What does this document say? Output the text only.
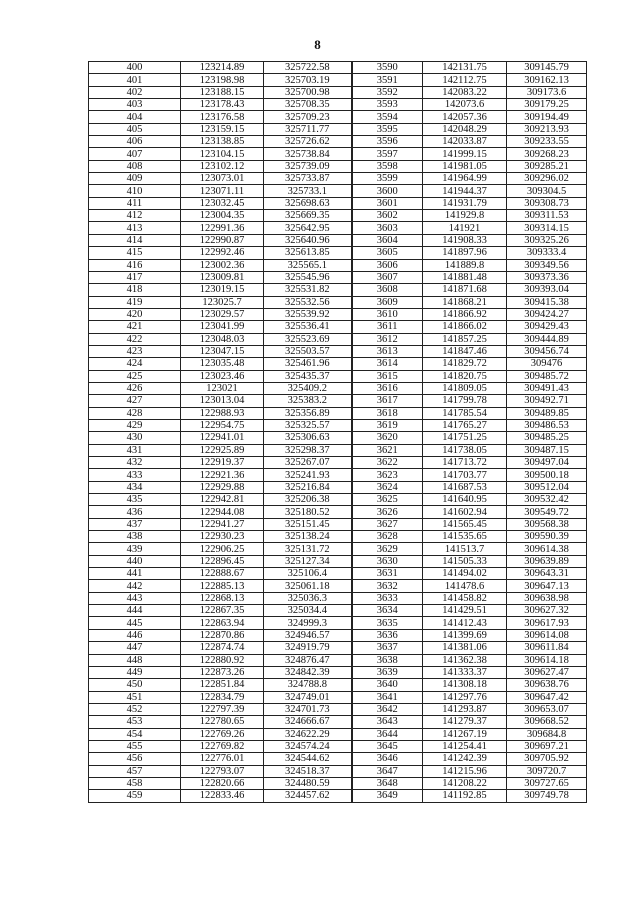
8
400	123214.89	325722.58	3590	142131.75	309145.79
401	123198.98	325703.19	3591	142112.75	309162.13
402	123188.15	325700.98	3592	142083.22	309173.6
403	123178.43	325708.35	3593	142073.6	309179.25
404	123176.58	325709.23	3594	142057.36	309194.49
405	123159.15	325711.77	3595	142048.29	309213.93
406	123138.85	325726.62	3596	142033.87	309233.55
407	123104.15	325738.84	3597	141999.15	309268.23
408	123102.12	325739.09	3598	141981.05	309285.21
409	123073.01	325733.87	3599	141964.99	309296.02
410	123071.11	325733.1	3600	141944.37	309304.5
411	123032.45	325698.63	3601	141931.79	309308.73
412	123004.35	325669.35	3602	141929.8	309311.53
413	122991.36	325642.95	3603	141921	309314.15
414	122990.87	325640.96	3604	141908.33	309325.26
415	122992.46	325613.85	3605	141897.96	309333.4
416	123002.36	325565.1	3606	141889.8	309349.56
417	123009.81	325545.96	3607	141881.48	309373.36
418	123019.15	325531.82	3608	141871.68	309393.04
419	123025.7	325532.56	3609	141868.21	309415.38
420	123029.57	325539.92	3610	141866.92	309424.27
421	123041.99	325536.41	3611	141866.02	309429.43
422	123048.03	325523.69	3612	141857.25	309444.89
423	123047.15	325503.57	3613	141847.46	309456.74
424	123035.48	325461.96	3614	141829.72	309476
425	123023.46	325435.37	3615	141820.75	309485.72
426	123021	325409.2	3616	141809.05	309491.43
427	123013.04	325383.2	3617	141799.78	309492.71
428	122988.93	325356.89	3618	141785.54	309489.85
429	122954.75	325325.57	3619	141765.27	309486.53
430	122941.01	325306.63	3620	141751.25	309485.25
431	122925.89	325298.37	3621	141738.05	309487.15
432	122919.37	325267.07	3622	141713.72	309497.04
433	122921.36	325241.93	3623	141703.77	309500.18
434	122929.88	325216.84	3624	141687.53	309512.04
435	122942.81	325206.38	3625	141640.95	309532.42
436	122944.08	325180.52	3626	141602.94	309549.72
437	122941.27	325151.45	3627	141565.45	309568.38
438	122930.23	325138.24	3628	141535.65	309590.39
439	122906.25	325131.72	3629	141513.7	309614.38
440	122896.45	325127.34	3630	141505.33	309639.89
441	122888.67	325106.4	3631	141494.02	309643.31
442	122885.13	325061.18	3632	141478.6	309647.13
443	122868.13	325036.3	3633	141458.82	309638.98
444	122867.35	325034.4	3634	141429.51	309627.32
445	122863.94	324999.3	3635	141412.43	309617.93
446	122870.86	324946.57	3636	141399.69	309614.08
447	122874.74	324919.79	3637	141381.06	309611.84
448	122880.92	324876.47	3638	141362.38	309614.18
449	122873.26	324842.39	3639	141333.37	309627.47
450	122851.84	324788.8	3640	141308.18	309638.76
451	122834.79	324749.01	3641	141297.76	309647.42
452	122797.39	324701.73	3642	141293.87	309653.07
453	122780.65	324666.67	3643	141279.37	309668.52
454	122769.26	324622.29	3644	141267.19	309684.8
455	122769.82	324574.24	3645	141254.41	309697.21
456	122776.01	324544.62	3646	141242.39	309705.92
457	122793.07	324518.37	3647	141215.96	309720.7
458	122820.66	324480.59	3648	141208.22	309727.65
459	122833.46	324457.62	3649	141192.85	309749.78
